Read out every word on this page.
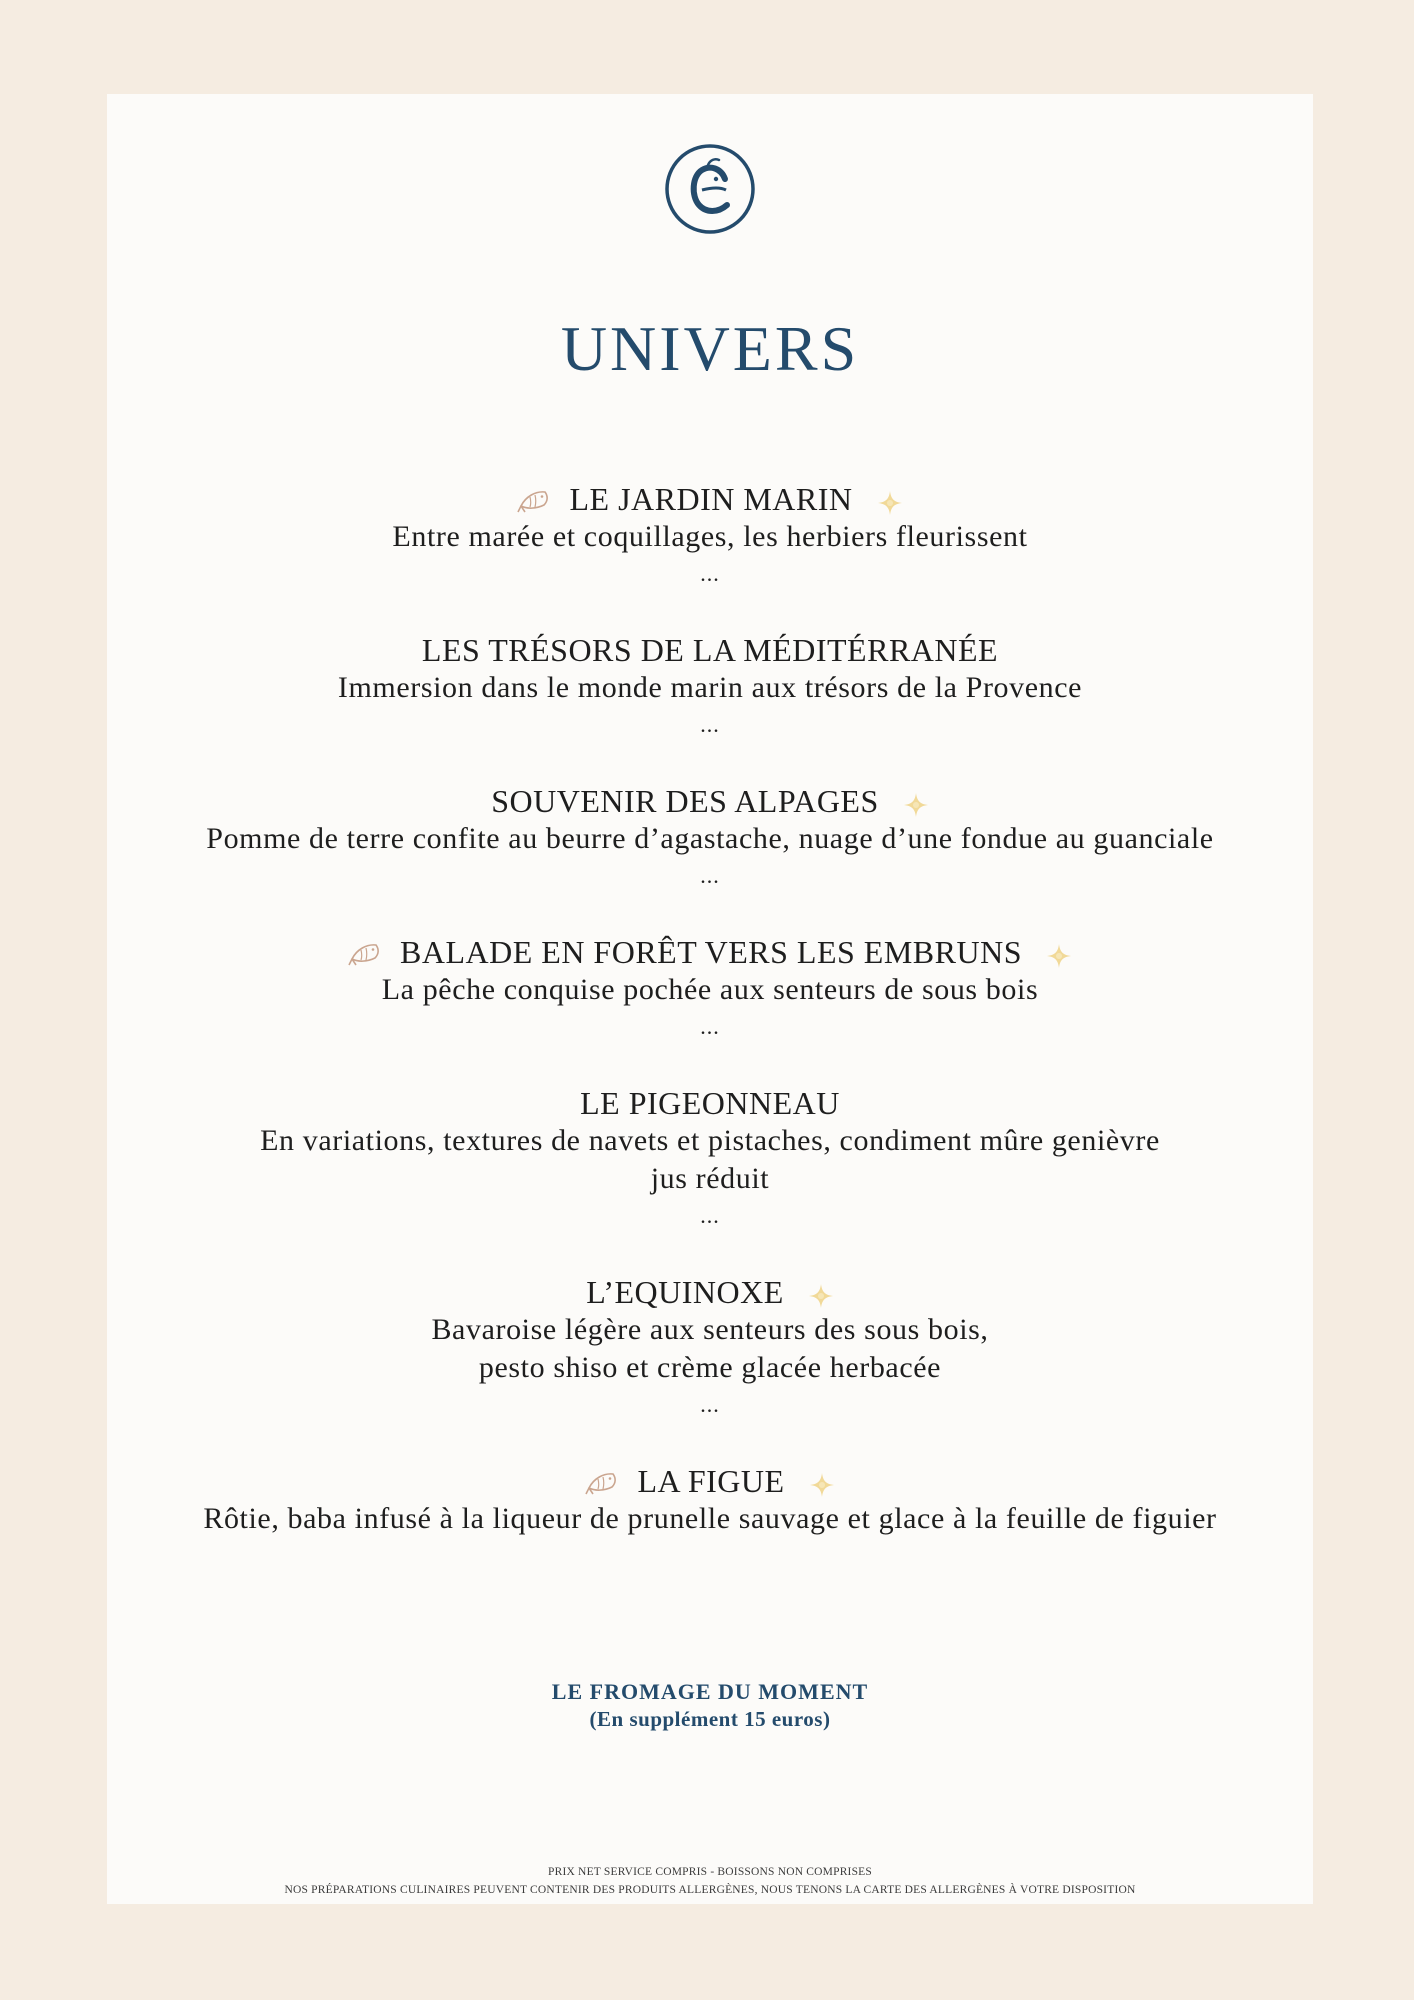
UNIVERS
LE JARDIN MARIN
Entre marée et coquillages, les herbiers fleurissent
...
LES TRÉSORS DE LA MÉDITÉRRANÉE
Immersion dans le monde marin aux trésors de la Provence
...
SOUVENIR DES ALPAGES
Pomme de terre confite au beurre d’agastache, nuage d’une fondue au guanciale
...
BALADE EN FORÊT VERS LES EMBRUNS
La pêche conquise pochée aux senteurs de sous bois
...
LE PIGEONNEAU
En variations, textures de navets et pistaches, condiment mûre genièvre
jus réduit
...
L’EQUINOXE
Bavaroise légère aux senteurs des sous bois,
pesto shiso et crème glacée herbacée
...
LA FIGUE
Rôtie, baba infusé à la liqueur de prunelle sauvage et glace à la feuille de figuier
LE FROMAGE DU MOMENT
(En supplément 15 euros)
PRIX NET SERVICE COMPRIS - BOISSONS NON COMPRISES
NOS PRÉPARATIONS CULINAIRES PEUVENT CONTENIR DES PRODUITS ALLERGÈNES, NOUS TENONS LA CARTE DES ALLERGÈNES À VOTRE DISPOSITION
